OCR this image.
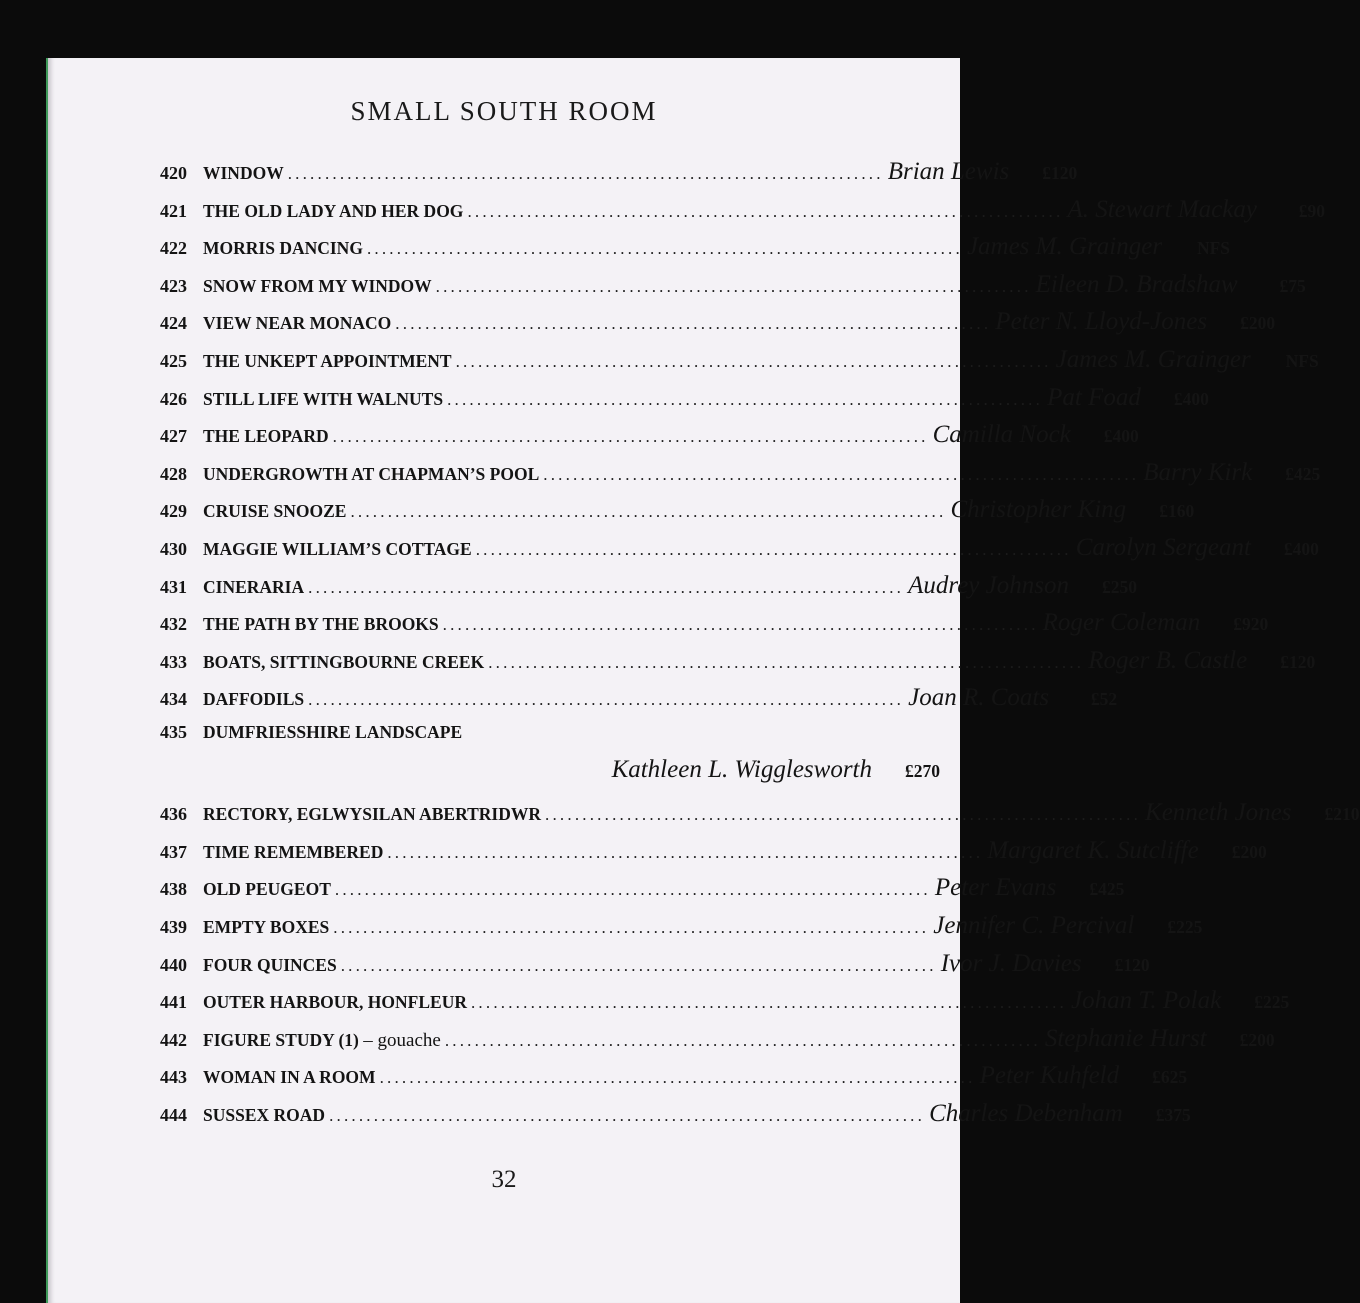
SMALL SOUTH ROOM
420 WINDOW ................................................................................ Brian Lewis	£120
421 THE OLD LADY AND HER DOG ................................................................................ A. Stewart Mackay	£90
422 MORRIS DANCING ................................................................................ James M. Grainger	NFS
423 SNOW FROM MY WINDOW ................................................................................ Eileen D. Bradshaw	£75
424 VIEW NEAR MONACO ................................................................................ Peter N. Lloyd-Jones	£200
425 THE UNKEPT APPOINTMENT ................................................................................ James M. Grainger	NFS
426 STILL LIFE WITH WALNUTS ................................................................................ Pat Foad	£400
427 THE LEOPARD ................................................................................ Camilla Nock	£400
428 UNDERGROWTH AT CHAPMAN’S POOL ................................................................................ Barry Kirk	£425
429 CRUISE SNOOZE ................................................................................ Christopher King	£160
430 MAGGIE WILLIAM’S COTTAGE ................................................................................ Carolyn Sergeant	£400
431 CINERARIA ................................................................................ Audrey Johnson	£250
432 THE PATH BY THE BROOKS ................................................................................ Roger Coleman	£920
433 BOATS, SITTINGBOURNE CREEK ................................................................................ Roger B. Castle	£120
434 DAFFODILS ................................................................................ Joan R. Coats	£52
435 DUMFRIESSHIRE LANDSCAPE
Kathleen L. Wigglesworth	£270
436 RECTORY, EGLWYSILAN ABERTRIDWR ................................................................................ Kenneth Jones	£210
437 TIME REMEMBERED ................................................................................ Margaret K. Sutcliffe	£200
438 OLD PEUGEOT ................................................................................ Peter Evans	£425
439 EMPTY BOXES ................................................................................ Jennifer C. Percival	£225
440 FOUR QUINCES ................................................................................ Ivor J. Davies	£120
441 OUTER HARBOUR, HONFLEUR ................................................................................ Johan T. Polak	£225
442 FIGURE STUDY (1) – gouache ................................................................................ Stephanie Hurst	£200
443 WOMAN IN A ROOM ................................................................................ Peter Kuhfeld	£625
444 SUSSEX ROAD ................................................................................ Charles Debenham	£375
32
